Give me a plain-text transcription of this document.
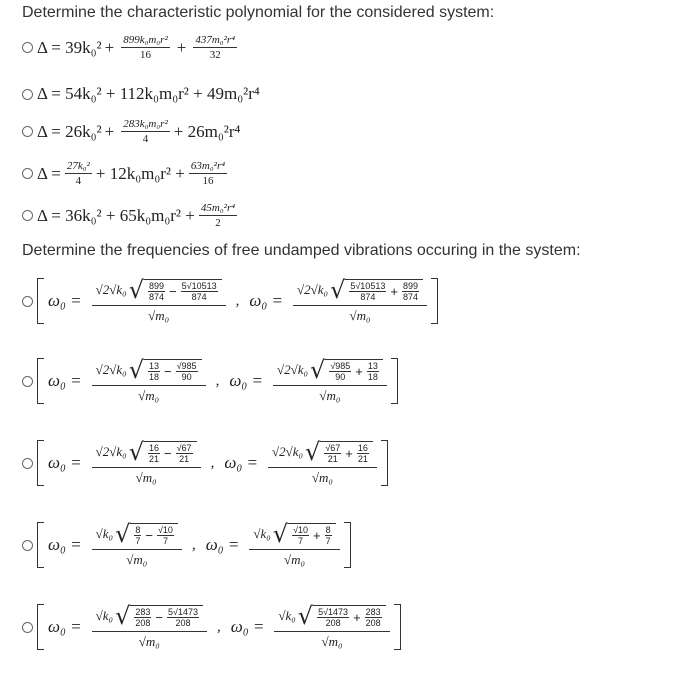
Determine the characteristic polynomial for the considered system:
$\Delta = 39k_0^2 + \frac{\text{899k₀m₀r²}}{16} + \frac{\text{437m₀²r⁴}}{32}$
Δ = 54k₀² + 112k₀m₀r² + 49m₀²r⁴
$\Delta = 26k_0^2 + \frac{\text{283k₀m₀r²}}{4} + 26m_0^2r^4$
$\Delta = \frac{\text{27k₀²}}{4} + 12k_0m_0r^2 + \frac{\text{63m₀²r⁴}}{16}$
$\Delta = 36k_0^2 + 65k_0m_0r^2 + \frac{\text{45m₀²r⁴}}{2}$
Determine the frequencies of free undamped vibrations occuring in the system:
ω₀ =
√2√k₀ √ $\frac{899}{874} - \frac{5√10513}{874}$
√m₀
, ω₀ =
√2√k₀ √ $\frac{5√10513}{874} + \frac{899}{874}$
√m₀
ω₀ =
√2√k₀ √ $\frac{13}{18} - \frac{√985}{90}$
√m₀
, ω₀ =
√2√k₀ √ $\frac{√985}{90} + \frac{13}{18}$
√m₀
$\omega_0 = \frac{√2√k_0 √ \frac{16}{21} - \frac{√67}{21}}{\text{√m₀}}$ , $\omega_0 = \frac{√2√k_0 √ \frac{√67}{21} + \frac{16}{21}}{\text{√m₀}}$
$\omega_0 = \frac{√k_0 √ \frac{8}{7} - \frac{√10}{7}}{\text{√m₀}}$ , $\omega_0 = \frac{√k_0 √ \frac{√10}{7} + \frac{8}{7}}{\text{√m₀}}$
ω₀ =
√k₀ √ $\frac{283}{208} - \frac{5√1473}{208}$
√m₀
, ω₀ =
√k₀ √ $\frac{5√1473}{208} + \frac{283}{208}$
√m₀
